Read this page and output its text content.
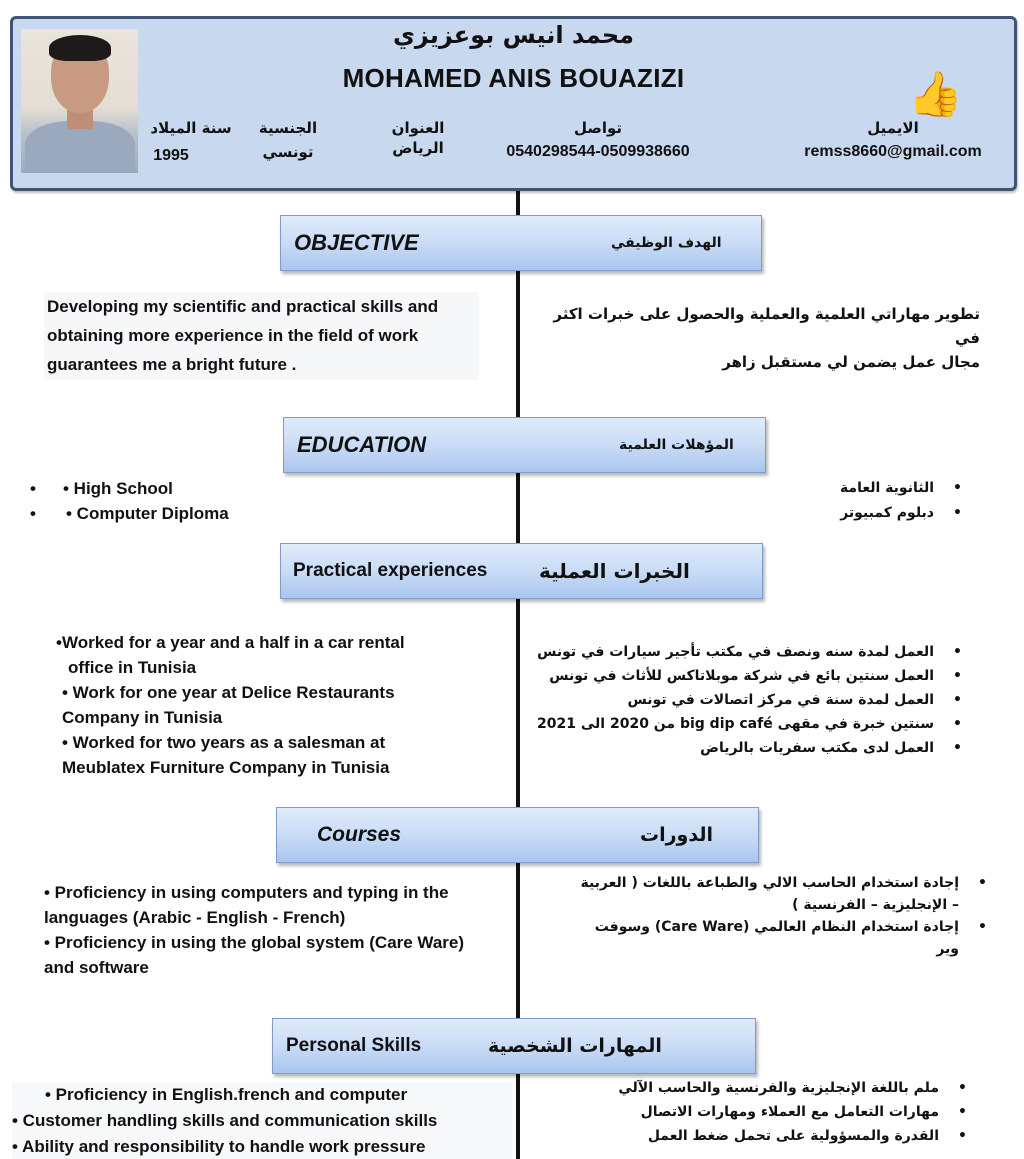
محمد انيس بوعزيزي
MOHAMED ANIS BOUAZIZI
سنة الميلاد
1995
الجنسية
تونسي
العنوان
الرياض
تواصل
0540298544-0509938660
الايميل
remss8660@gmail.com
👍
OBJECTIVE	الهدف الوظيفي
Developing my scientific and practical skills and
obtaining more experience in the field of work
guarantees me a bright future .
تطوير مهاراتي العلمية والعملية والحصول على خبرات اكثر في
مجال عمل يضمن لي مستقبل زاهر
EDUCATION	المؤهلات العلمية
• • High School
• • Computer Diploma
• الثانوية العامة
• دبلوم كمبيوتر
Practical experiences	الخبرات العملية
•Worked for a year and a half in a car rental
office in Tunisia
• Work for one year at Delice Restaurants
Company in Tunisia
• Worked for two years as a salesman at
Meublatex Furniture Company in Tunisia
• العمل لمدة سنه ونصف في مكتب تأجير سيارات في تونس
• العمل سنتين بائع في شركة موبلاتاكس للأثاث في تونس
• العمل لمدة سنة في مركز اتصالات في تونس
• سنتين خبرة في مقهى big dip café من 2020 الى 2021
• العمل لدى مكتب سفريات بالرياض
Courses	الدورات
• Proficiency in using computers and typing in the
languages (Arabic - English - French)
• Proficiency in using the global system (Care Ware)
and software
• إجادة استخدام الحاسب الالي والطباعة باللغات ( العربية – الإنجليزية – الفرنسية )
• إجادة استخدام النظام العالمي (Care Ware) وسوفت وير
Personal Skills	المهارات الشخصية
• Proficiency in English.french and computer
• Customer handling skills and communication skills
• Ability and responsibility to handle work pressure
• ملم باللغة الإنجليزية والفرنسية والحاسب الآلي
• مهارات التعامل مع العملاء ومهارات الاتصال
• القدرة والمسؤولية على تحمل ضغط العمل
